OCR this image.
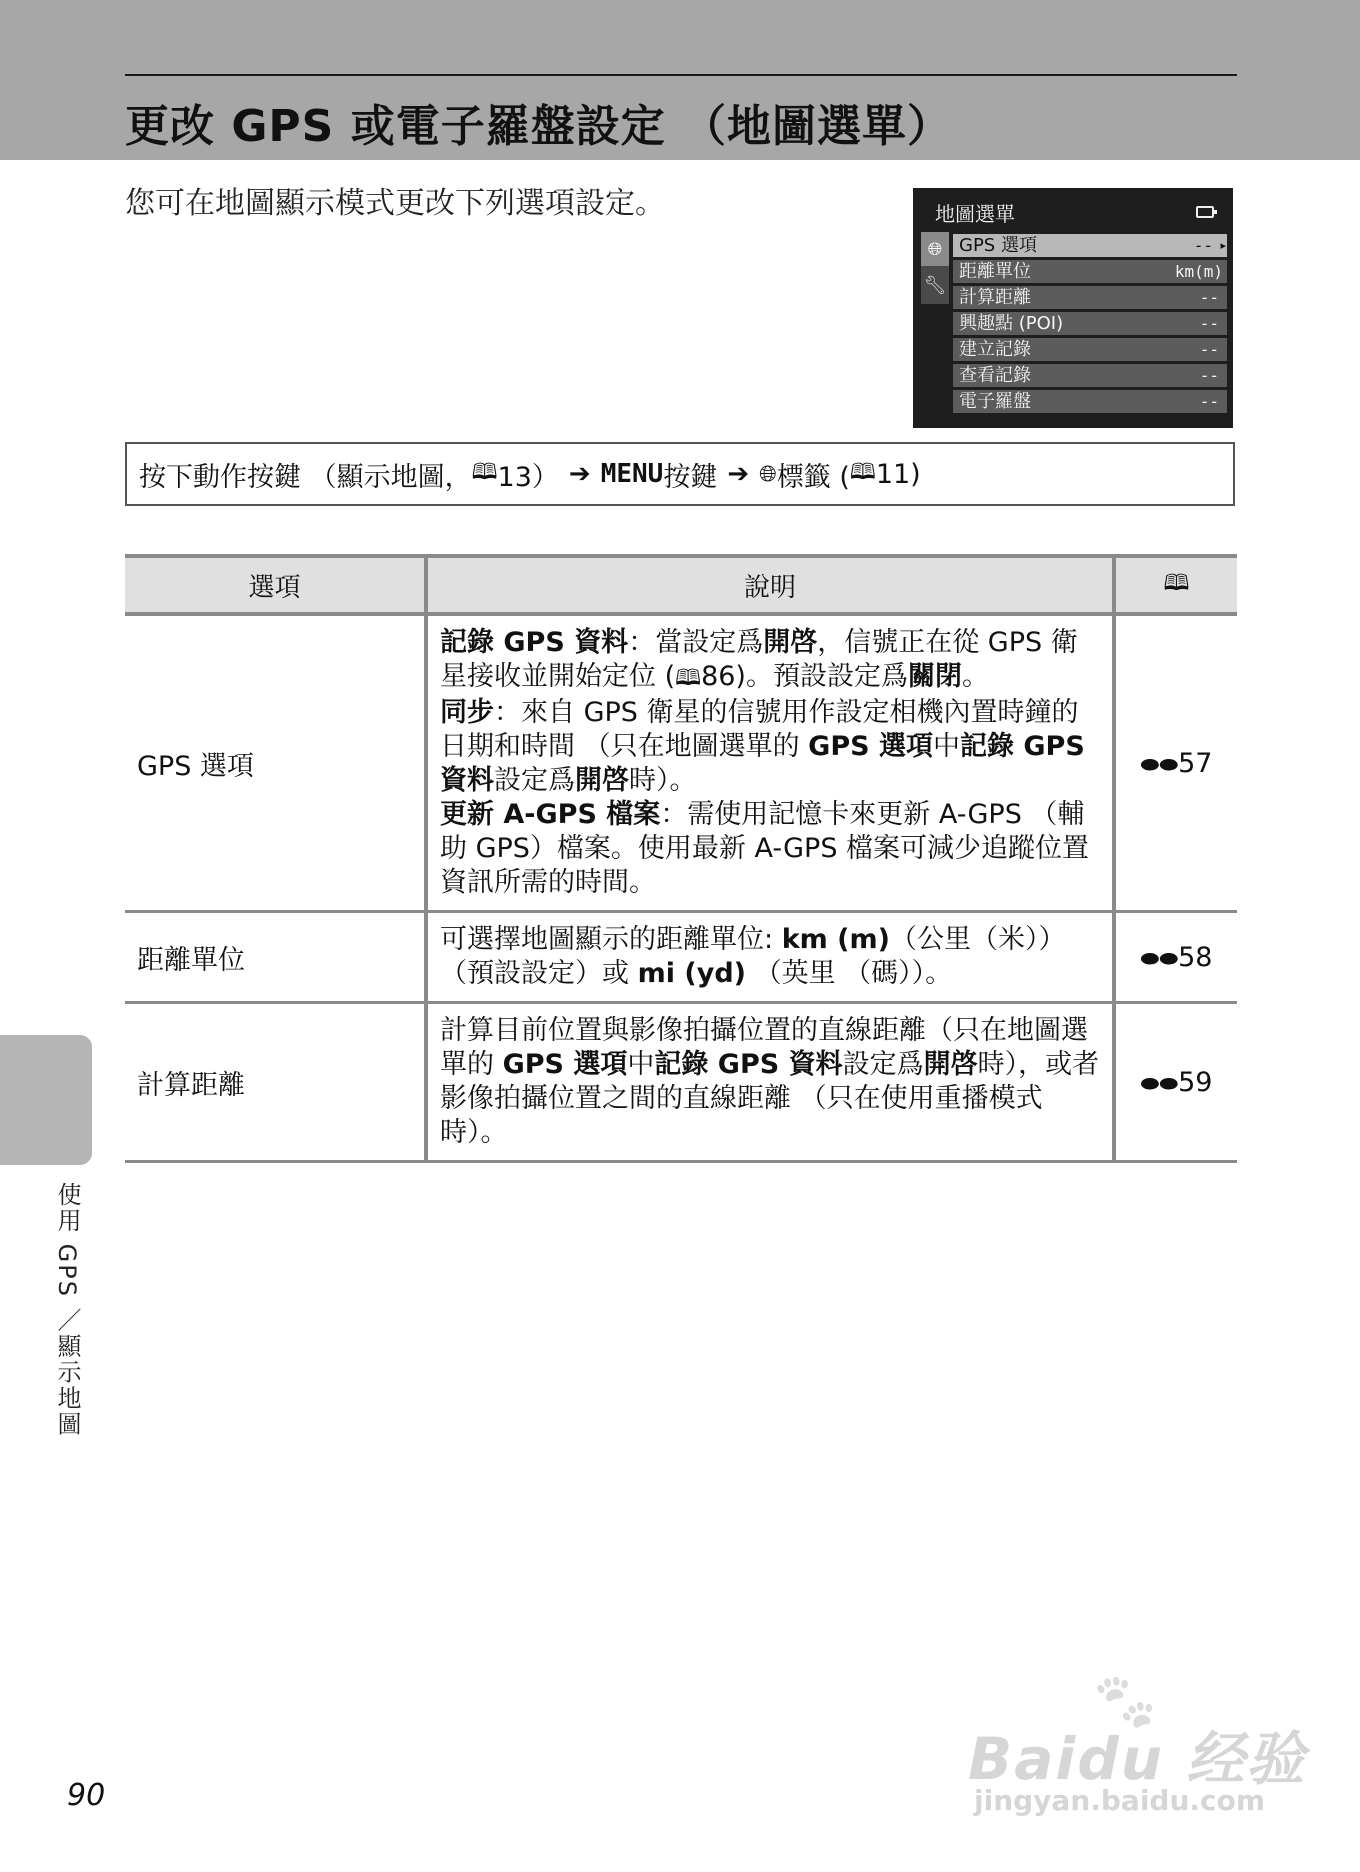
更改 GPS 或電子羅盤設定 （地圖選單）
您可在地圖顯示模式更改下列選項設定。	地圖選單
🌐︎
🔧︎
GPS 選項	-- ▸
距離單位	km(m)
計算距離	--
興趣點 (POI)	--
建立記錄	--
查看記錄	--
電子羅盤	--
按下動作按鍵 （顯示地圖， 🕮︎ 13） ➔ MENU 按鍵 ➔ 🌐︎ 標籤 ( 🕮︎ 11)
選項	說明	🕮︎
GPS 選項	記錄 GPS 資料：當設定爲開啓，信號正在從 GPS 衛星接收並開始定位 (🕮︎86)。預設設定爲關閉。
同步：來自 GPS 衛星的信號用作設定相機內置時鐘的日期和時間 （只在地圖選單的 GPS 選項中記錄 GPS 資料設定爲開啓時）。
更新 A-GPS 檔案：需使用記憶卡來更新 A-GPS （輔助 GPS）檔案。使用最新 A-GPS 檔案可減少追蹤位置資訊所需的時間。	⬬⬬57
距離單位	可選擇地圖顯示的距離單位: km (m)（公里（米））（預設設定）或 mi (yd) （英里 （碼））。	⬬⬬58
計算距離	計算目前位置與影像拍攝位置的直線距離（只在地圖選單的 GPS 選項中記錄 GPS 資料設定爲開啓時），或者影像拍攝位置之間的直線距離 （只在使用重播模式時）。	⬬⬬59
使用 GPS ／顯示地圖
90
🐾︎
Baidu 经验
jingyan.baidu.com
